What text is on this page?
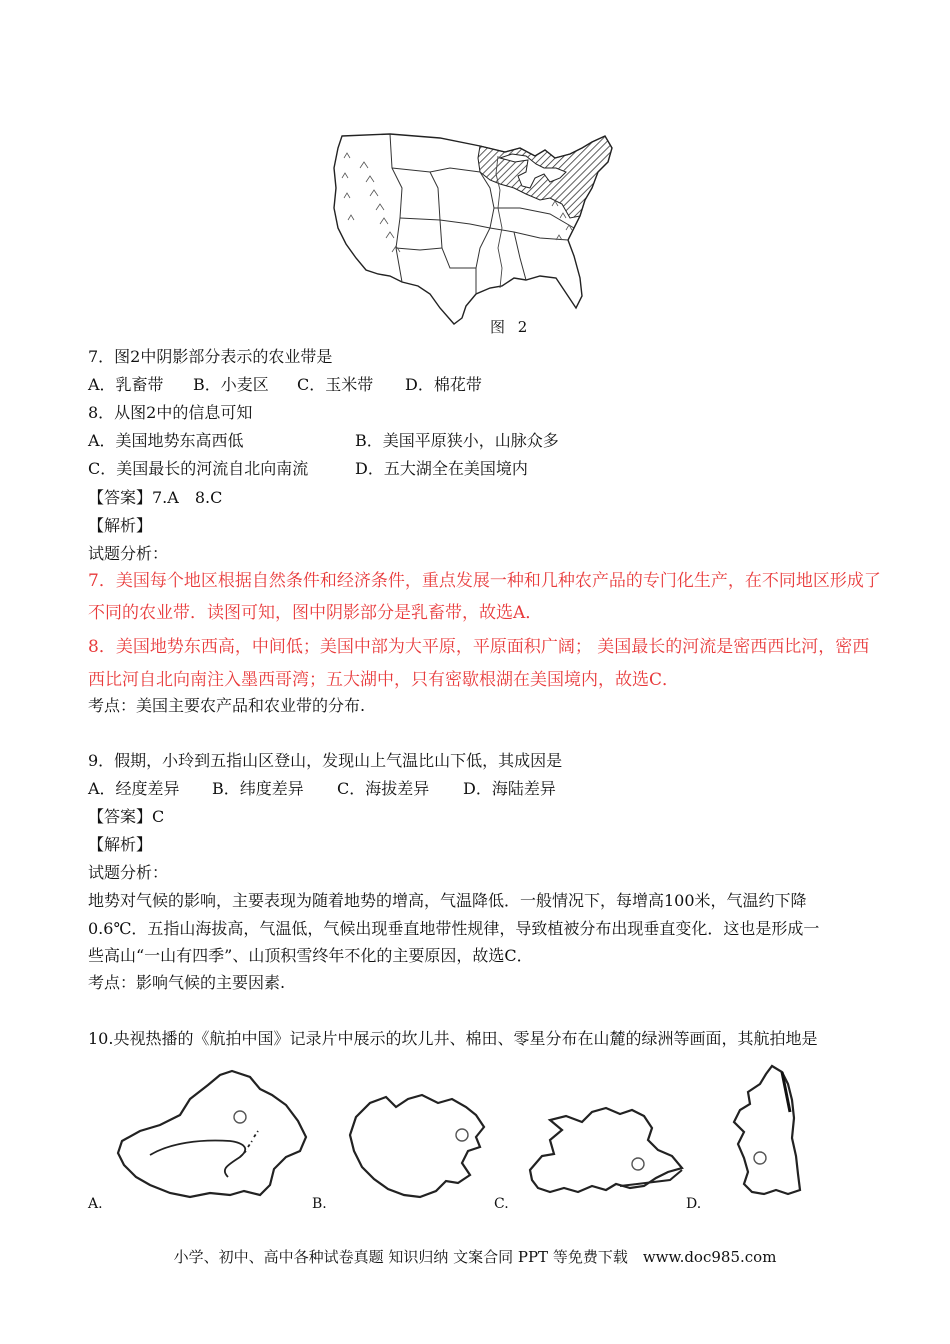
图 2
7．图2中阴影部分表示的农业带是
A．乳畜带 B．小麦区 C．玉米带 D．棉花带
8．从图2中的信息可知
A．美国地势东高西低	B．美国平原狭小，山脉众多
C．美国最长的河流自北向南流	D．五大湖全在美国境内
【答案】7.A　8.C
【解析】
试题分析：
7．美国每个地区根据自然条件和经济条件，重点发展一种和几种农产品的专门化生产，在不同地区形成了
不同的农业带．读图可知，图中阴影部分是乳畜带，故选A．
8．美国地势东西高，中间低；美国中部为大平原，平原面积广阔； 美国最长的河流是密西西比河，密西
西比河自北向南注入墨西哥湾；五大湖中，只有密歇根湖在美国境内，故选C．
考点：美国主要农产品和农业带的分布.
9．假期，小玲到五指山区登山，发现山上气温比山下低，其成因是
A．经度差异 B．纬度差异 C．海拔差异 D．海陆差异
【答案】C
【解析】
试题分析：
地势对气候的影响，主要表现为随着地势的增高，气温降低．一般情况下，每增高100米，气温约下降
0.6℃．五指山海拔高，气温低，气候出现垂直地带性规律，导致植被分布出现垂直变化．这也是形成一
些高山“一山有四季”、山顶积雪终年不化的主要原因，故选C．
考点：影响气候的主要因素.
10.央视热播的《航拍中国》记录片中展示的坎儿井、棉田、零星分布在山麓的绿洲等画面，其航拍地是
A.	B.	C.	D.
小学、初中、高中各种试卷真题 知识归纳 文案合同 PPT 等免费下载　www.doc985.com
